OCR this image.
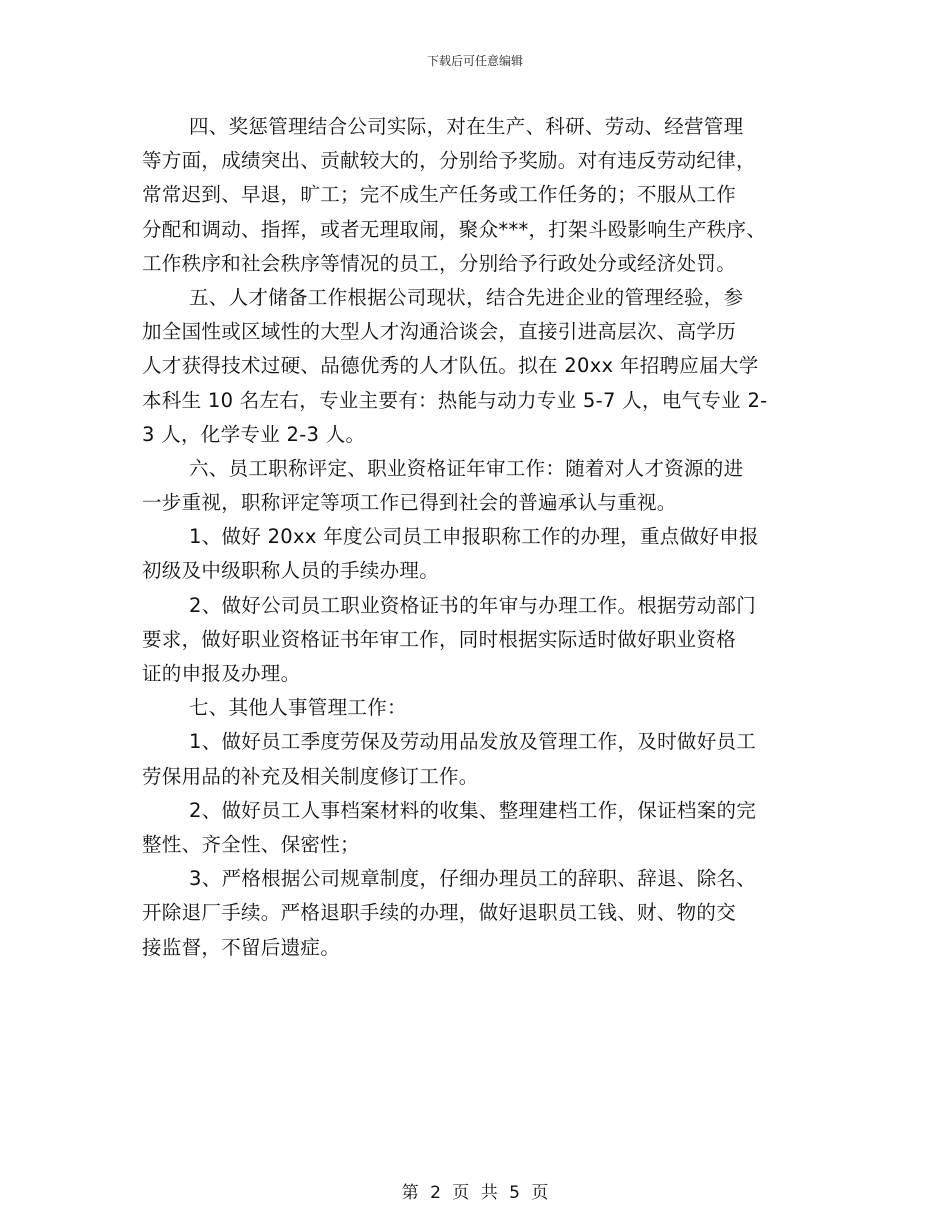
下载后可任意编辑
四、奖惩管理结合公司实际，对在生产、科研、劳动、经营管理
等方面，成绩突出、贡献较大的，分别给予奖励。对有违反劳动纪律，
常常迟到、早退，旷工；完不成生产任务或工作任务的；不服从工作
分配和调动、指挥，或者无理取闹，聚众***，打架斗殴影响生产秩序、
工作秩序和社会秩序等情况的员工，分别给予行政处分或经济处罚。
五、人才储备工作根据公司现状，结合先进企业的管理经验，参
加全国性或区域性的大型人才沟通洽谈会，直接引进高层次、高学历
人才获得技术过硬、品德优秀的人才队伍。拟在 20xx 年招聘应届大学
本科生 10 名左右，专业主要有：热能与动力专业 5-7 人，电气专业 2-
3 人，化学专业 2-3 人。
六、员工职称评定、职业资格证年审工作：随着对人才资源的进
一步重视，职称评定等项工作已得到社会的普遍承认与重视。
1、做好 20xx 年度公司员工申报职称工作的办理，重点做好申报
初级及中级职称人员的手续办理。
2、做好公司员工职业资格证书的年审与办理工作。根据劳动部门
要求，做好职业资格证书年审工作，同时根据实际适时做好职业资格
证的申报及办理。
七、其他人事管理工作：
1、做好员工季度劳保及劳动用品发放及管理工作，及时做好员工
劳保用品的补充及相关制度修订工作。
2、做好员工人事档案材料的收集、整理建档工作，保证档案的完
整性、齐全性、保密性；
3、严格根据公司规章制度，仔细办理员工的辞职、辞退、除名、
开除退厂手续。严格退职手续的办理，做好退职员工钱、财、物的交
接监督，不留后遗症。
第 2 页 共 5 页
